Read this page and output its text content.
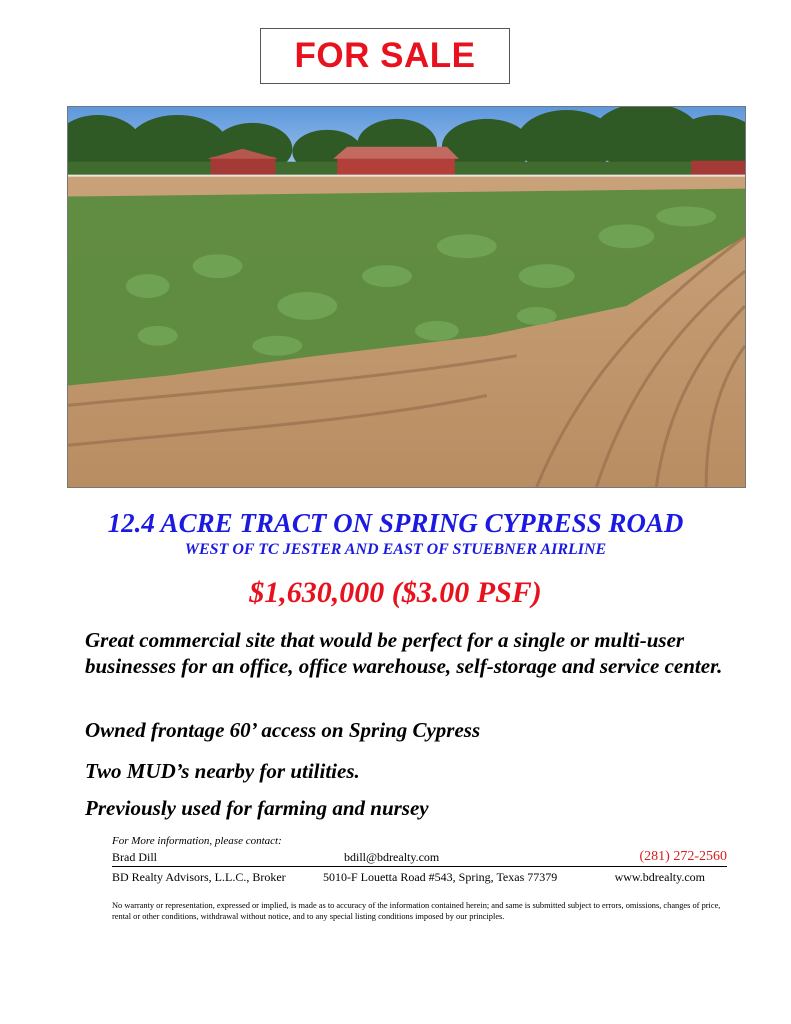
FOR SALE
12.4 ACRE TRACT ON SPRING CYPRESS ROAD
WEST OF TC JESTER AND EAST OF STUEBNER AIRLINE
$1,630,000 ($3.00 PSF)

Great commercial site that would be perfect for a single or multi-user businesses for an office, office warehouse, self-storage and service center.

Owned frontage 60’ access on Spring Cypress

Two MUD’s nearby for utilities.

Previously used for farming and nursey

For More information, please contact:
Brad Dill	bdill@bdrealty.com	(281) 272-2560
BD Realty Advisors, L.L.C., Broker	5010-F Louetta Road #543, Spring, Texas 77379	www.bdrealty.com
No warranty or representation, expressed or implied, is made as to accuracy of the information contained herein; and same is submitted subject to errors, omissions, changes of price, rental or other conditions, withdrawal without notice, and to any special listing conditions imposed by our principles.
